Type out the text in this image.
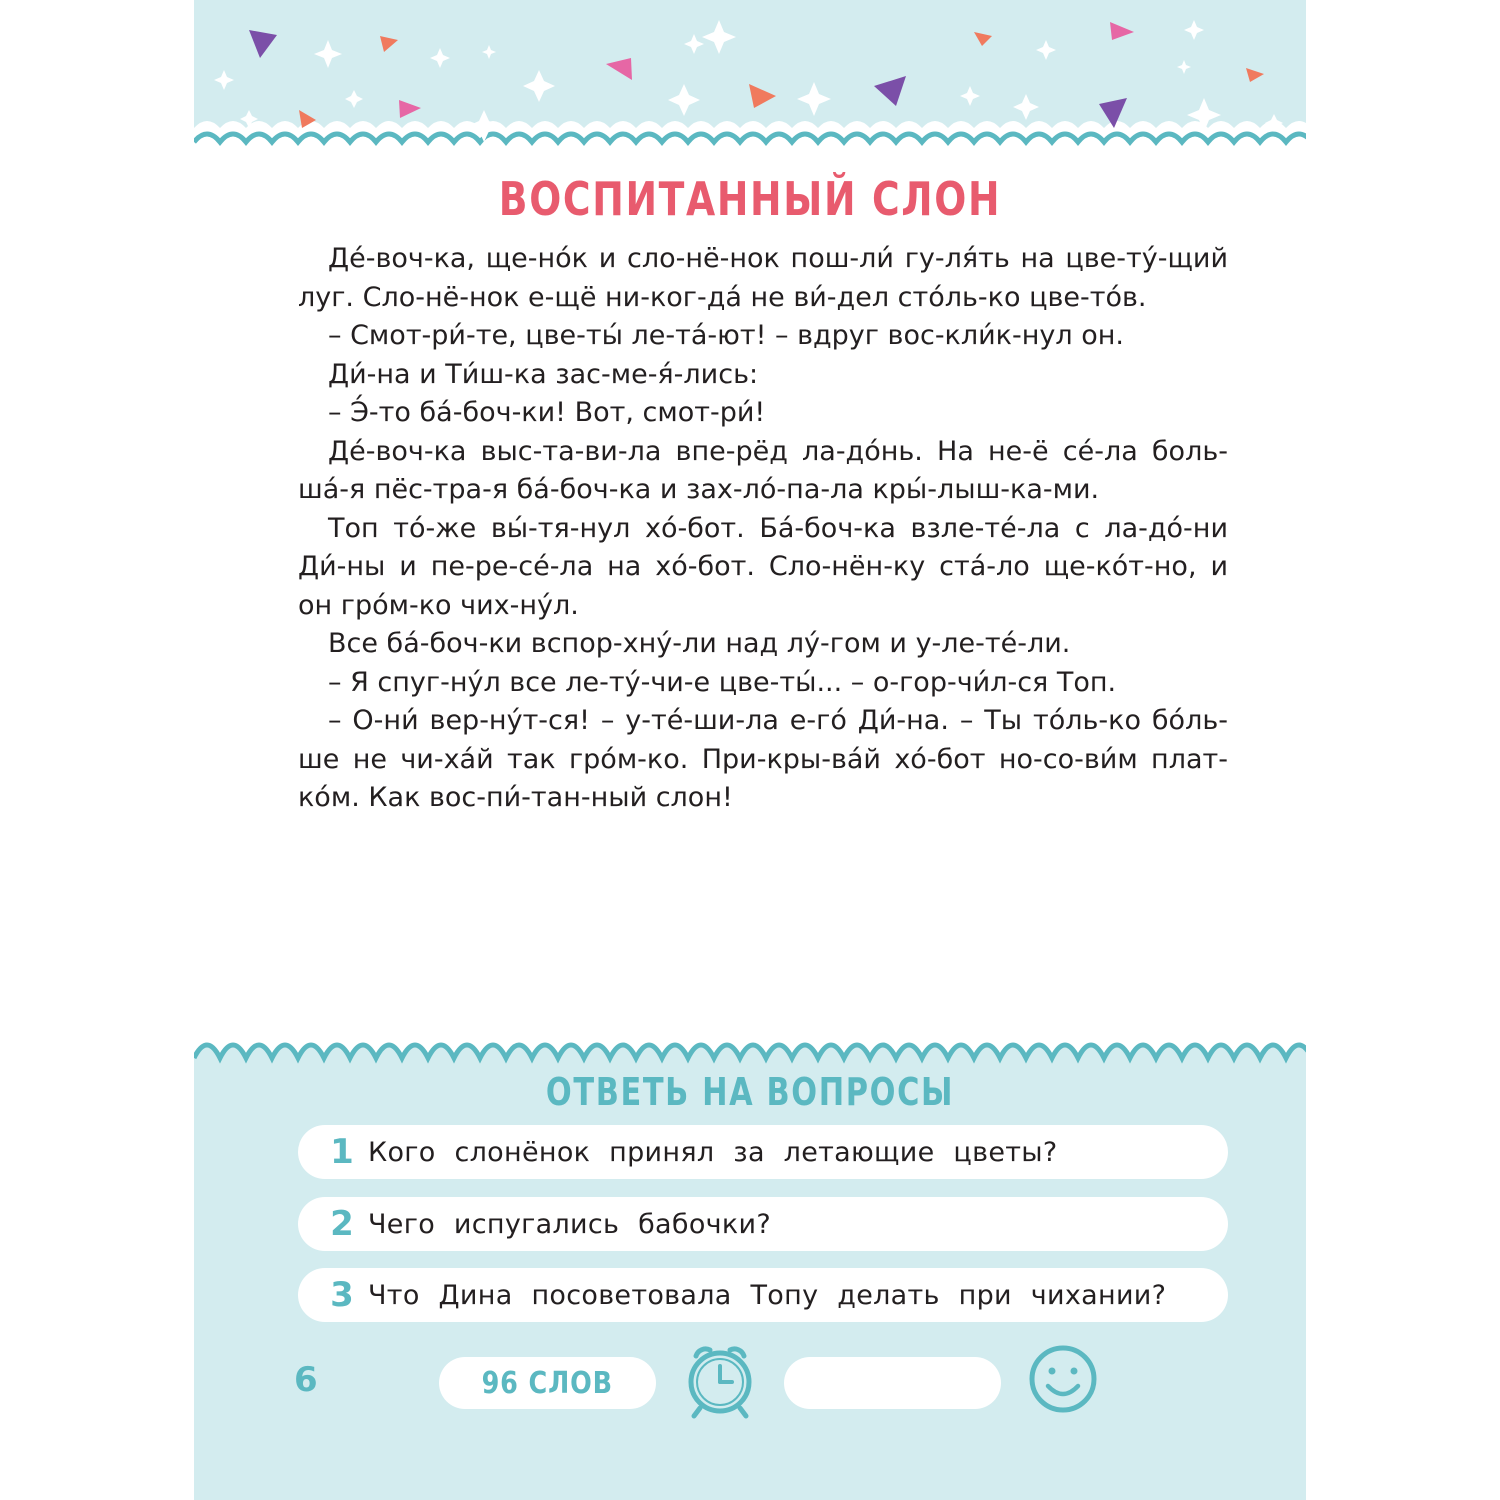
ВОСПИТАННЫЙ СЛОН

Де́-воч-ка, ще-но́к и сло-нё-нок пош-ли́ гу-ля́ть на цве-ту́-щий луг. Сло-нё-нок е-щё ни-ког-да́ не ви́-дел сто́ль-ко цве-то́в.

– Смот-ри́-те, цве-ты́ ле-та́-ют! – вдруг вос-кли́к-нул он.

Ди́-на и Ти́ш-ка зас-ме-я́-лись:

– Э́-то ба́-боч-ки! Вот, смот-ри́!

Де́-воч-ка выс-та-ви-ла впе-рёд ла-до́нь. На не-ё се́-ла боль-ша́-я пёс-тра-я ба́-боч-ка и зах-ло́-па-ла кры́-лыш-ка-ми.

Топ то́-же вы́-тя-нул хо́-бот. Ба́-боч-ка взле-те́-ла с ла-до́-ни Ди́-ны и пе-ре-се́-ла на хо́-бот. Сло-нён-ку ста́-ло ще-ко́т-но, и он гро́м-ко чих-ну́л.

Все ба́-боч-ки вспор-хну́-ли над лу́-гом и у-ле-те́-ли.

– Я спуг-ну́л все ле-ту́-чи-е цве-ты́... – о-гор-чи́л-ся Топ.

– О-ни́ вер-ну́т-ся! – у-те́-ши-ла е-го́ Ди́-на. – Ты то́ль-ко бо́ль-ше не чи-ха́й так гро́м-ко. При-кры-ва́й хо́-бот но-со-ви́м плат-ко́м. Как вос-пи́-тан-ный слон!

ОТВЕТЬ НА ВОПРОСЫ
1 Кого слонёнок принял за летающие цветы?
2 Чего испугались бабочки?
3 Что Дина посоветовала Топу делать при чихании?
6	96 СЛОВ
